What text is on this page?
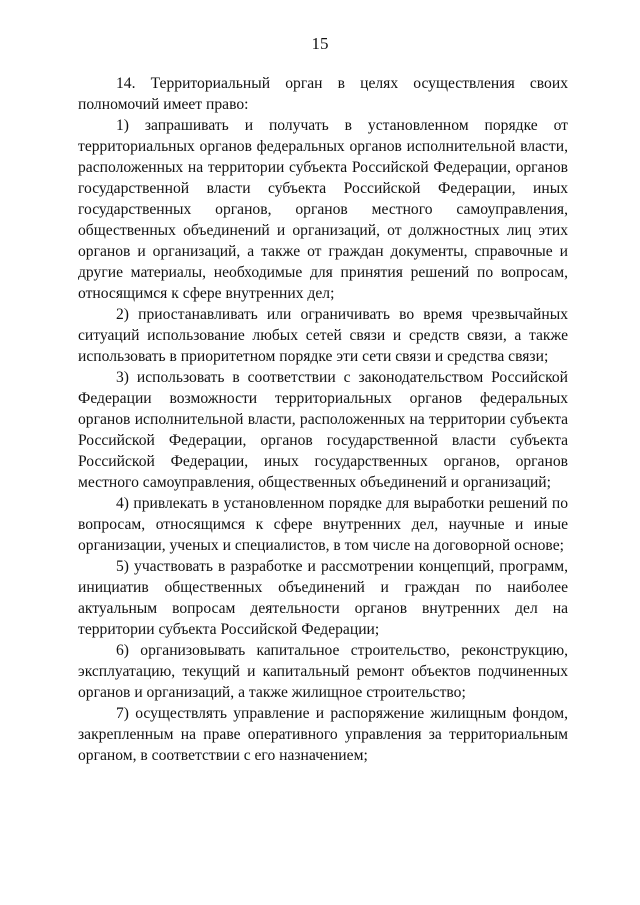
15

14. Территориальный орган в целях осуществления своих полномочий имеет право:

1) запрашивать и получать в установленном порядке от территориальных органов федеральных органов исполнительной власти, расположенных на территории субъекта Российской Федерации, органов государственной власти субъекта Российской Федерации, иных государственных органов, органов местного самоуправления, общественных объединений и организаций, от должностных лиц этих органов и организаций, а также от граждан документы, справочные и другие материалы, необходимые для принятия решений по вопросам, относящимся к сфере внутренних дел;

2) приостанавливать или ограничивать во время чрезвычайных ситуаций использование любых сетей связи и средств связи, а также использовать в приоритетном порядке эти сети связи и средства связи;

3) использовать в соответствии с законодательством Российской Федерации возможности территориальных органов федеральных органов исполнительной власти, расположенных на территории субъекта Российской Федерации, органов государственной власти субъекта Российской Федерации, иных государственных органов, органов местного самоуправления, общественных объединений и организаций;

4) привлекать в установленном порядке для выработки решений по вопросам, относящимся к сфере внутренних дел, научные и иные организации, ученых и специалистов, в том числе на договорной основе;

5) участвовать в разработке и рассмотрении концепций, программ, инициатив общественных объединений и граждан по наиболее актуальным вопросам деятельности органов внутренних дел на территории субъекта Российской Федерации;

6) организовывать капитальное строительство, реконструкцию, эксплуатацию, текущий и капитальный ремонт объектов подчиненных органов и организаций, а также жилищное строительство;

7) осуществлять управление и распоряжение жилищным фондом, закрепленным на праве оперативного управления за территориальным органом, в соответствии с его назначением;
